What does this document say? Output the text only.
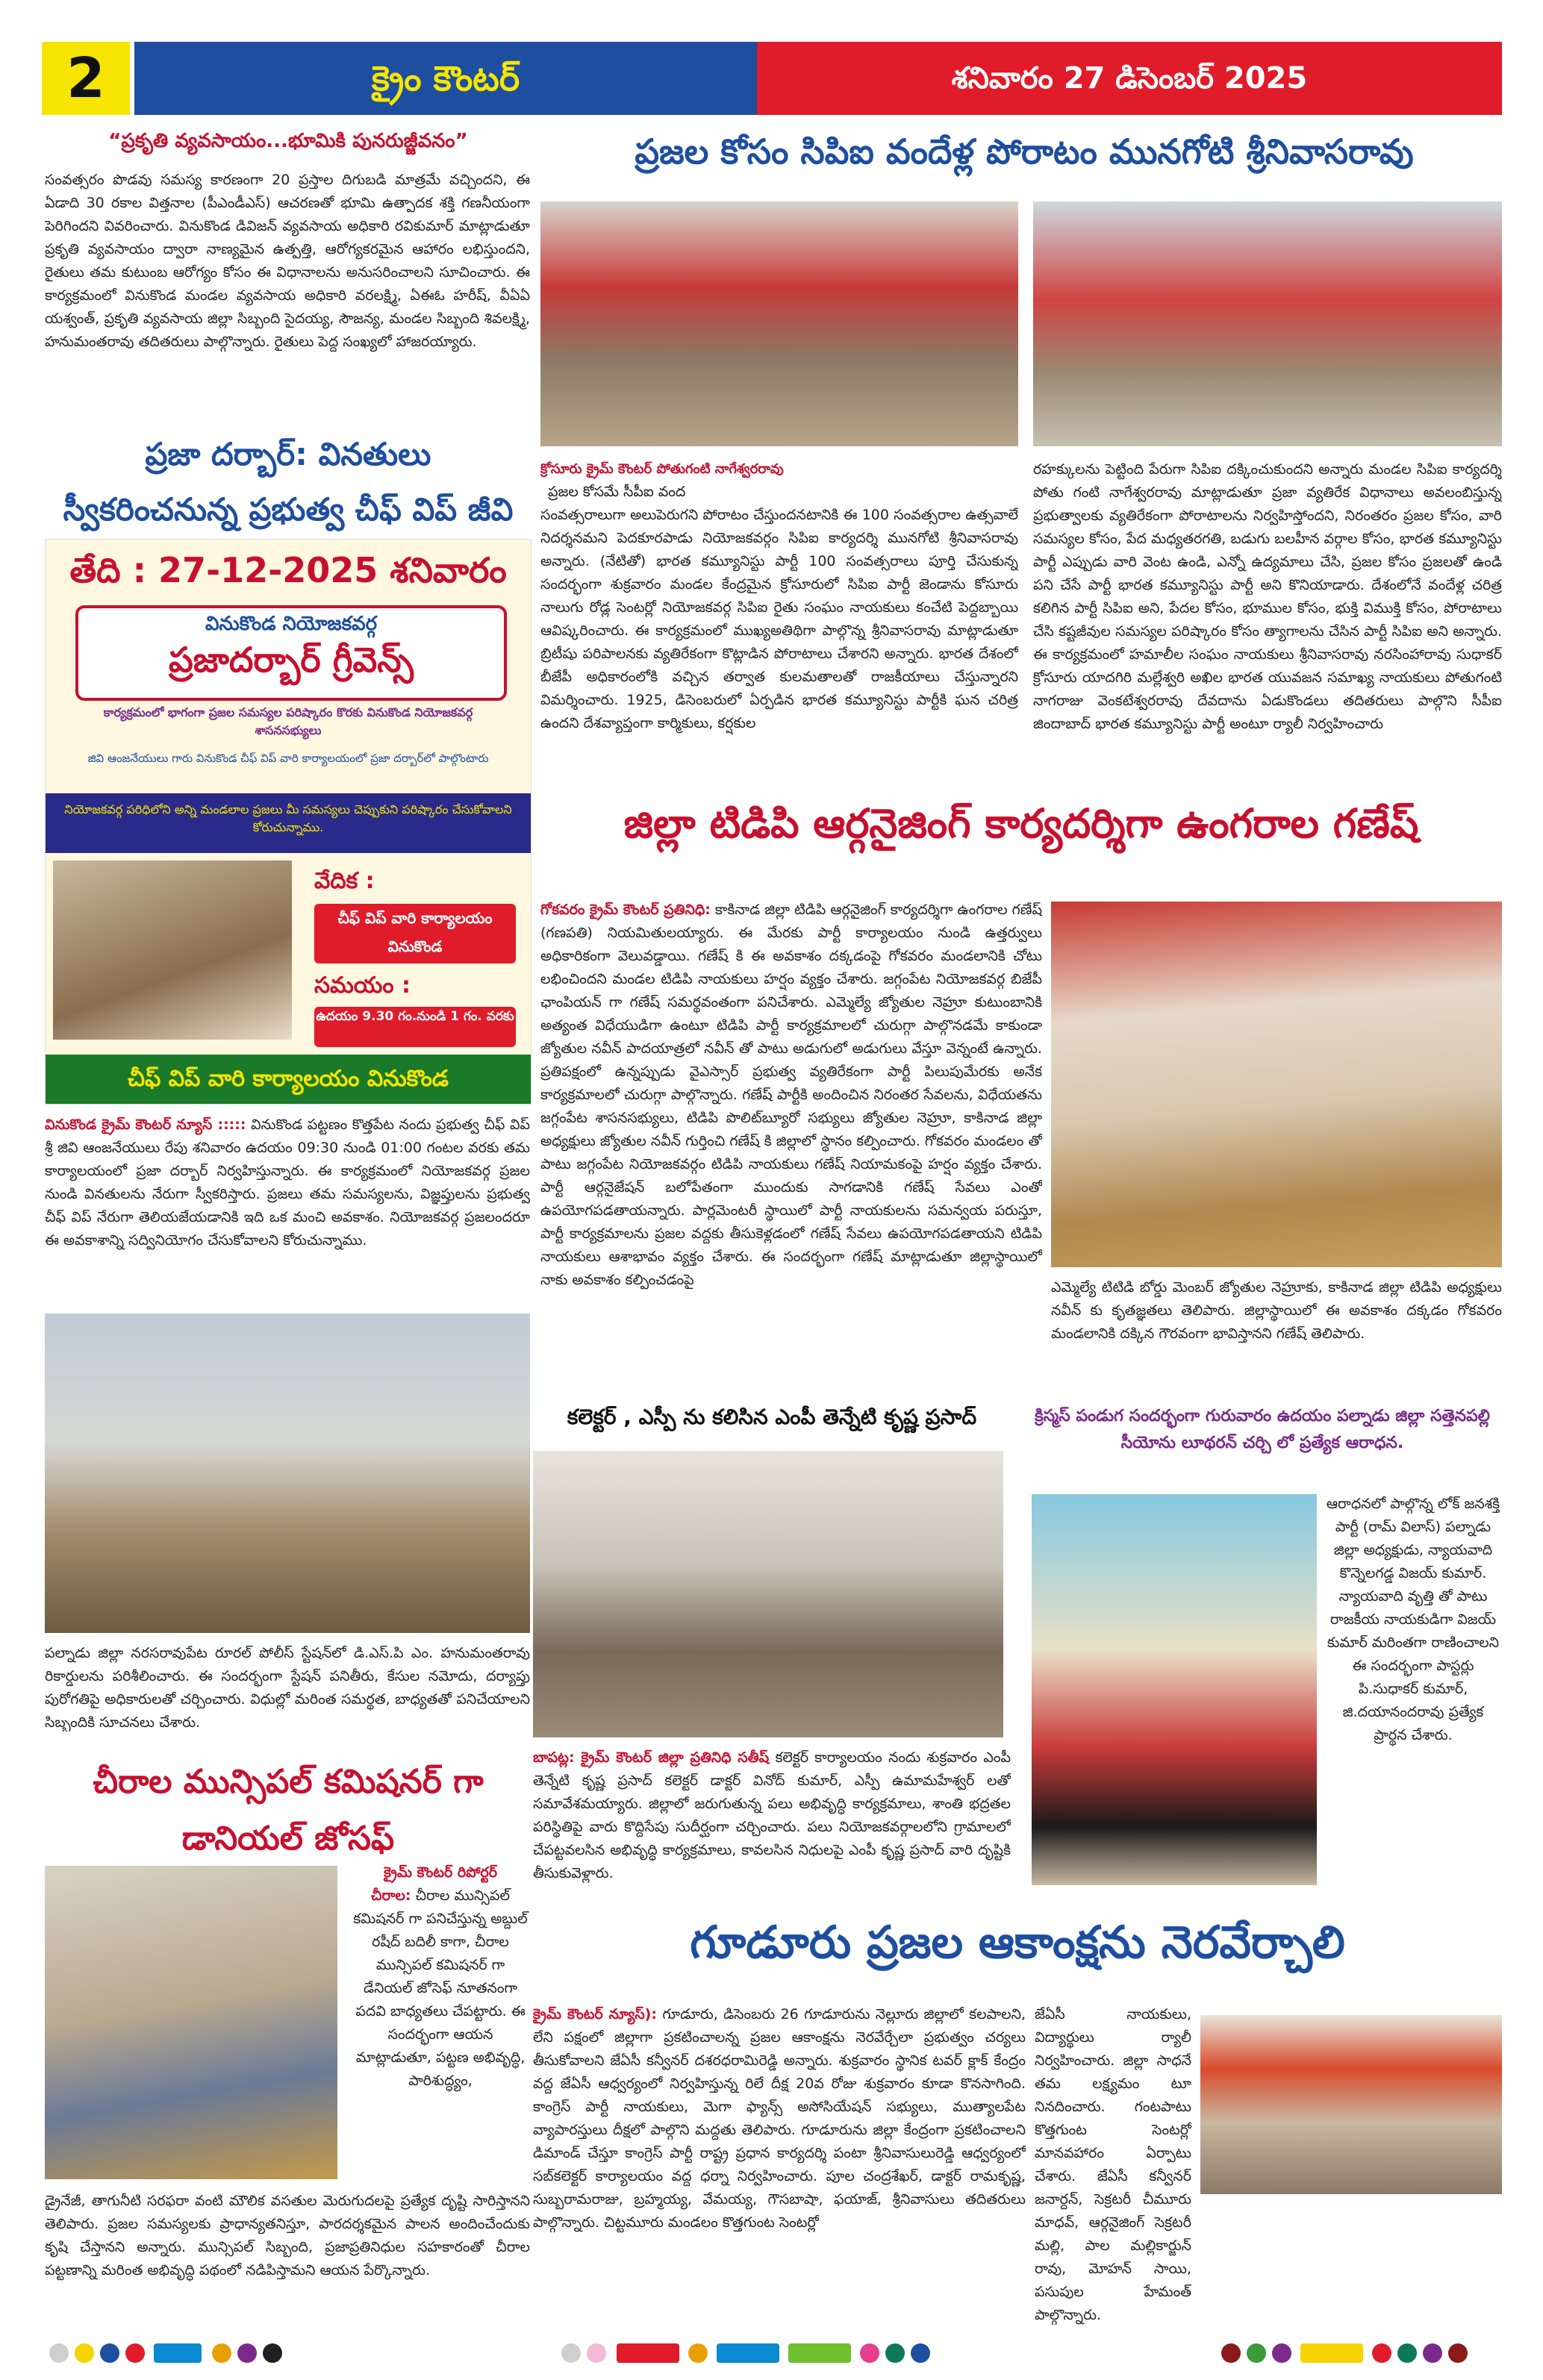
2	క్రైం కౌంటర్	శనివారం 27 డిసెంబర్ 2025
“ప్రకృతి వ్యవసాయం...భూమికి పునరుజ్జీవనం”

సంవత్సరం పొడవు సమస్య కారణంగా 20 ప్రస్తాల దిగుబడి మాత్రమే వచ్చిందని, ఈ ఏడాది 30 రకాల విత్తనాల (పీఎండీఎస్) ఆచరణతో భూమి ఉత్పాదక శక్తి గణనీయంగా పెరిగిందని వివరించారు. వినుకొండ డివిజన్ వ్యవసాయ అధికారి రవికుమార్ మాట్లాడుతూ ప్రకృతి వ్యవసాయం ద్వారా నాణ్యమైన ఉత్పత్తి, ఆరోగ్యకరమైన ఆహారం లభిస్తుందని, రైతులు తమ కుటుంబ ఆరోగ్యం కోసం ఈ విధానాలను అనుసరించాలని సూచించారు. ఈ కార్యక్రమంలో వినుకొండ మండల వ్యవసాయ అధికారి వరలక్ష్మి, ఏఈఓ హరీష్, వీఏఏ యశ్వంత్, ప్రకృతి వ్యవసాయ జిల్లా సిబ్బంది సైదయ్య, సౌజన్య, మండల సిబ్బంది శివలక్ష్మి, హనుమంతరావు తదితరులు పాల్గొన్నారు. రైతులు పెద్ద సంఖ్యలో హాజరయ్యారు.

ప్రజా దర్బార్: వినతులు స్వీకరించనున్న ప్రభుత్వ చీఫ్ విప్ జీవి
తేది : 27-12-2025 శనివారం
వినుకొండ నియోజకవర్గ
ప్రజాదర్బార్ గ్రీవెన్స్
కార్యక్రమంలో భాగంగా ప్రజల సమస్యల పరిష్కారం కొరకు వినుకొండ నియోజకవర్గ శాసనసభ్యులు
జివి ఆంజనేయులు గారు వినుకొండ చీఫ్ విప్ వారి కార్యాలయంలో ప్రజా దర్బార్‌లో పాల్గొంటారు
నియోజకవర్గ పరిధిలోని అన్ని మండలాల ప్రజలు మీ సమస్యలు చెప్పుకుని పరిష్కారం చేసుకోవాలని కోరుచున్నాము.
వేదిక :
చీఫ్ విప్ వారి కార్యాలయం వినుకొండ
సమయం :
ఉదయం 9.30 గం.నుండి 1 గం. వరకు
చీఫ్ విప్ వారి కార్యాలయం వినుకొండ

వినుకొండ క్రైమ్ కౌంటర్ న్యూస్ ::::: వినుకొండ పట్టణం కొత్తపేట నందు ప్రభుత్వ చీఫ్ విప్ శ్రీ జివి ఆంజనేయులు రేపు శనివారం ఉదయం 09:30 నుండి 01:00 గంటల వరకు తమ కార్యాలయంలో ప్రజా దర్బార్ నిర్వహిస్తున్నారు. ఈ కార్యక్రమంలో నియోజకవర్గ ప్రజల నుండి వినతులను నేరుగా స్వీకరిస్తారు. ప్రజలు తమ సమస్యలను, విజ్ఞప్తులను ప్రభుత్వ చీఫ్ విప్ నేరుగా తెలియజేయడానికి ఇది ఒక మంచి అవకాశం. నియోజకవర్గ ప్రజలందరూ ఈ అవకాశాన్ని సద్వినియోగం చేసుకోవాలని కోరుచున్నాము.

పల్నాడు జిల్లా నరసరావుపేట రూరల్ పోలీస్ స్టేషన్‌లో డి.ఎస్.పి ఎం. హనుమంతరావు రికార్డులను పరిశీలించారు. ఈ సందర్భంగా స్టేషన్ పనితీరు, కేసుల నమోదు, దర్యాప్తు పురోగతిపై అధికారులతో చర్చించారు. విధుల్లో మరింత సమర్థత, బాధ్యతతో పనిచేయాలని సిబ్బందికి సూచనలు చేశారు.

చీరాల మున్సిపల్ కమిషనర్ గా డానియల్ జోసఫ్

క్రైమ్ కౌంటర్ రిపోర్టర్
చీరాల: చీరాల మున్సిపల్ కమిషనర్ గా పనిచేస్తున్న అబ్దుల్ రషీద్ బదిలీ కాగా, చీరాల మున్సిపల్ కమిషనర్ గా డేనియల్ జోసెఫ్ నూతనంగా పదవి బాధ్యతలు చేపట్టారు. ఈ సందర్భంగా ఆయన మాట్లాడుతూ, పట్టణ అభివృద్ధి, పారిశుద్ధ్యం,

డ్రైనేజీ, తాగునీటి సరఫరా వంటి మౌలిక వసతుల మెరుగుదలపై ప్రత్యేక దృష్టి సారిస్తానని తెలిపారు. ప్రజల సమస్యలకు ప్రాధాన్యతనిస్తూ, పారదర్శకమైన పాలన అందించేందుకు కృషి చేస్తానని అన్నారు. మున్సిపల్ సిబ్బంది, ప్రజాప్రతినిధుల సహకారంతో చీరాల పట్టణాన్ని మరింత అభివృద్ధి పథంలో నడిపిస్తామని ఆయన పేర్కొన్నారు.

ప్రజల కోసం సిపిఐ వందేళ్ల పోరాటం మునగోటి శ్రీనివాసరావు
క్రోసూరు క్రైమ్ కౌంటర్ పోతుగంటి నాగేశ్వరరావు
ప్రజల కోసమే సీపీఐ వంద

సంవత్సరాలుగా అలుపెరుగని పోరాటం చేస్తుందనటానికి ఈ 100 సంవత్సరాల ఉత్సవాలే నిదర్శనమని పెదకూరపాడు నియోజకవర్గం సిపిఐ కార్యదర్శి మునగోటి శ్రీనివాసరావు అన్నారు. (నేటితో) భారత కమ్యూనిస్టు పార్టీ 100 సంవత్సరాలు పూర్తి చేసుకున్న సందర్భంగా శుక్రవారం మండల కేంద్రమైన క్రోసూరులో సిపిఐ పార్టీ జెండాను కోసూరు నాలుగు రోడ్ల సెంటర్లో నియోజకవర్గ సిపిఐ రైతు సంఘం నాయకులు కంచేటి పెద్దబ్బాయి ఆవిష్కరించారు. ఈ కార్యక్రమంలో ముఖ్యఅతిథిగా పాల్గొన్న శ్రీనివాసరావు మాట్లాడుతూ బ్రిటీషు పరిపాలనకు వ్యతిరేకంగా కొట్లాడిన పోరాటాలు చేశారని అన్నారు. భారత దేశంలో బీజేపీ అధికారంలోకి వచ్చిన తర్వాత కులమతాలతో రాజకీయాలు చేస్తున్నారని విమర్శించారు. 1925, డిసెంబరులో ఏర్పడిన భారత కమ్యూనిస్టు పార్టీకి ఘన చరిత్ర ఉందని దేశవ్యాప్తంగా కార్మికులు, కర్షకుల

రహక్కులను పెట్టింది పేరుగా సిపిఐ దక్కించుకుందని అన్నారు మండల సిపిఐ కార్యదర్శి పోతు గంటి నాగేశ్వరరావు మాట్లాడుతూ ప్రజా వ్యతిరేక విధానాలు అవలంబిస్తున్న ప్రభుత్వాలకు వ్యతిరేకంగా పోరాటాలను నిర్వహిస్తోందని, నిరంతరం ప్రజల కోసం, వారి సమస్యల కోసం, పేద మధ్యతరగతి, బడుగు బలహీన వర్గాల కోసం, భారత కమ్యూనిస్టు పార్టీ ఎప్పుడు వారి వెంట ఉండి, ఎన్నో ఉద్యమాలు చేసి, ప్రజల కోసం ప్రజలతో ఉండి పని చేసే పార్టీ భారత కమ్యూనిస్టు పార్టీ అని కొనియాడారు. దేశంలోనే వందేళ్ల చరిత్ర కలిగిన పార్టీ సిపిఐ అని, పేదల కోసం, భూముల కోసం, భుక్తి విముక్తి కోసం, పోరాటాలు చేసి కష్టజీవుల సమస్యల పరిష్కారం కోసం త్యాగాలను చేసిన పార్టీ సిపిఐ అని అన్నారు. ఈ కార్యక్రమంలో హమాలీల సంఘం నాయకులు శ్రీనివాసరావు నరసింహారావు సుధాకర్ క్రోసూరు యాదగిరి మల్లేశ్వరి అఖిల భారత యువజన సమాఖ్య నాయకులు పోతుగంటి నాగరాజు వెంకటేశ్వరరావు దేవదాను ఏడుకొండలు తదితరులు పాల్గొని సీపీఐ జిందాబాద్ భారత కమ్యూనిస్టు పార్టీ అంటూ ర్యాలీ నిర్వహించారు

జిల్లా టిడిపి ఆర్గనైజింగ్ కార్యదర్శిగా ఉంగరాల గణేష్

గోకవరం క్రైమ్ కౌంటర్ ప్రతినిధి: కాకినాడ జిల్లా టిడిపి ఆర్గనైజింగ్ కార్యదర్శిగా ఉంగరాల గణేష్ (గణపతి) నియమితులయ్యారు. ఈ మేరకు పార్టీ కార్యాలయం నుండి ఉత్తర్వులు అధికారికంగా వెలువడ్డాయి. గణేష్ కి ఈ అవకాశం దక్కడంపై గోకవరం మండలానికి చోటు లభించిందని మండల టిడిపి నాయకులు హర్షం వ్యక్తం చేశారు. జగ్గంపేట నియోజకవర్గ బిజేపీ ఛాంపియన్ గా గణేష్ సమర్థవంతంగా పనిచేశారు. ఎమ్మెల్యే జ్యోతుల నెహ్రూ కుటుంబానికి అత్యంత విధేయుడిగా ఉంటూ టిడిపి పార్టీ కార్యక్రమాలలో చురుగ్గా పాల్గొనడమే కాకుండా జ్యోతుల నవీన్ పాదయాత్రలో నవీన్ తో పాటు అడుగులో అడుగులు వేస్తూ వెన్నంటే ఉన్నారు. ప్రతిపక్షంలో ఉన్నప్పుడు వైఎస్సార్ ప్రభుత్వ వ్యతిరేకంగా పార్టీ పిలుపుమేరకు అనేక కార్యక్రమాలలో చురుగ్గా పాల్గొన్నారు. గణేష్ పార్టీకి అందించిన నిరంతర సేవలను, విధేయతను జగ్గంపేట శాసనసభ్యులు, టిడిపి పొలిట్‌బ్యూరో సభ్యులు జ్యోతుల నెహ్రూ, కాకినాడ జిల్లా అధ్యక్షులు జ్యోతుల నవీన్ గుర్తించి గణేష్ కి జిల్లాలో స్థానం కల్పించారు. గోకవరం మండలం తో పాటు జగ్గంపేట నియోజకవర్గం టిడిపి నాయకులు గణేష్ నియామకంపై హర్షం వ్యక్తం చేశారు. పార్టీ ఆర్గనైజేషన్ బలోపేతంగా ముందుకు సాగడానికి గణేష్ సేవలు ఎంతో ఉపయోగపడతాయన్నారు. పార్లమెంటరీ స్థాయిలో పార్టీ నాయకులను సమన్వయ పరుస్తూ, పార్టీ కార్యక్రమాలను ప్రజల వద్దకు తీసుకెళ్లడంలో గణేష్ సేవలు ఉపయోగపడతాయని టిడిపి నాయకులు ఆశాభావం వ్యక్తం చేశారు. ఈ సందర్భంగా గణేష్ మాట్లాడుతూ జిల్లాస్థాయిలో నాకు అవకాశం కల్పించడంపై	ఎమ్మెల్యే టిటిడి బోర్డు మెంబర్ జ్యోతుల నెహ్రూకు, కాకినాడ జిల్లా టిడిపి అధ్యక్షులు నవీన్ కు కృతజ్ఞతలు తెలిపారు. జిల్లాస్థాయిలో ఈ అవకాశం దక్కడం గోకవరం మండలానికి దక్కిన గౌరవంగా భావిస్తానని గణేష్ తెలిపారు.

కలెక్టర్ , ఎస్పీ ను కలిసిన ఎంపీ తెన్నేటి కృష్ణ ప్రసాద్

బాపట్ల: క్రైమ్ కౌంటర్ జిల్లా ప్రతినిధి సతీష్ కలెక్టర్ కార్యాలయం నందు శుక్రవారం ఎంపీ తెన్నేటి కృష్ణ ప్రసాద్ కలెక్టర్ డాక్టర్ వినోద్ కుమార్, ఎస్పీ ఉమామహేశ్వర్ లతో సమావేశమయ్యారు. జిల్లాలో జరుగుతున్న పలు అభివృద్ధి కార్యక్రమాలు, శాంతి భద్రతల పరిస్థితిపై వారు కొద్దిసేపు సుదీర్ఘంగా చర్చించారు. పలు నియోజకవర్గాలలోని గ్రామాలలో చేపట్టవలసిన అభివృద్ధి కార్యక్రమాలు, కావలసిన నిధులపై ఎంపీ కృష్ణ ప్రసాద్ వారి దృష్టికి తీసుకువెళ్లారు.

క్రిస్మస్ పండుగ సందర్భంగా గురువారం ఉదయం పల్నాడు జిల్లా సత్తెనపల్లి సీయోను లూథరన్ చర్చి లో ప్రత్యేక ఆరాధన.

ఆరాధనలో పాల్గొన్న లోక్ జనశక్తి పార్టీ (రామ్ విలాస్) పల్నాడు జిల్లా అధ్యక్షుడు, న్యాయవాది కొన్నెలగడ్డ విజయ్ కుమార్. న్యాయవాది వృత్తి తో పాటు రాజకీయ నాయకుడిగా విజయ్ కుమార్ మరింతగా రాణించాలని ఈ సందర్భంగా పాస్టర్లు పి.సుధాకర్ కుమార్, జి.దయానందరావు ప్రత్యేక ప్రార్థన చేశారు.

గూడూరు ప్రజల ఆకాంక్షను నెరవేర్చాలి

క్రైమ్ కౌంటర్ న్యూస్): గూడూరు, డిసెంబరు 26 గూడూరును నెల్లూరు జిల్లాలో కలపాలని, లేని పక్షంలో జిల్లాగా ప్రకటించాలన్న ప్రజల ఆకాంక్షను నెరవేర్చేలా ప్రభుత్వం చర్యలు తీసుకోవాలని జేఏసీ కన్వీనర్ దశరధరామిరెడ్డి అన్నారు. శుక్రవారం స్థానిక టవర్ క్లాక్ కేంద్రం వద్ద జేఏసీ ఆధ్వర్యంలో నిర్వహిస్తున్న రిలే దీక్ష 20వ రోజు శుక్రవారం కూడా కొనసాగింది. కాంగ్రెస్ పార్టీ నాయకులు, మెగా ఫ్యాన్స్ అసోసియేషన్ సభ్యులు, ముత్యాలపేట వ్యాపారస్తులు దీక్షలో పాల్గొని మద్దతు తెలిపారు. గూడూరును జిల్లా కేంద్రంగా ప్రకటించాలని డిమాండ్ చేస్తూ కాంగ్రెస్ పార్టీ రాష్ట్ర ప్రధాన కార్యదర్శి పంటా శ్రీనివాసులురెడ్డి ఆధ్వర్యంలో సబ్‌కలెక్టర్ కార్యాలయం వద్ద ధర్నా నిర్వహించారు. పూల చంద్రశేఖర్, డాక్టర్ రామకృష్ణ, సుబ్బరామరాజు, బ్రహ్మయ్య, వేమయ్య, గౌసబాషా, ఫయాజ్, శ్రీనివాసులు తదితరులు పాల్గొన్నారు. చిట్టమూరు మండలం కొత్తగుంట సెంటర్లో

జేఏసీ నాయకులు, విద్యార్థులు ర్యాలీ నిర్వహించారు. జిల్లా సాధనే తమ లక్ష్యమం టూ నినదించారు. గంటపాటు కొత్తగుంట సెంటర్లో మానవహారం ఏర్పాటు చేశారు. జేఏసీ కన్వీనర్ జనార్దన్, సెక్రటరీ చీమూరు మాధవ్, ఆర్గనైజింగ్ సెక్రటరీ మల్లి, పాల మల్లికార్జున్ రావు, మోహన్ సాయి, పసుపుల హేమంత్ పాల్గొన్నారు.
